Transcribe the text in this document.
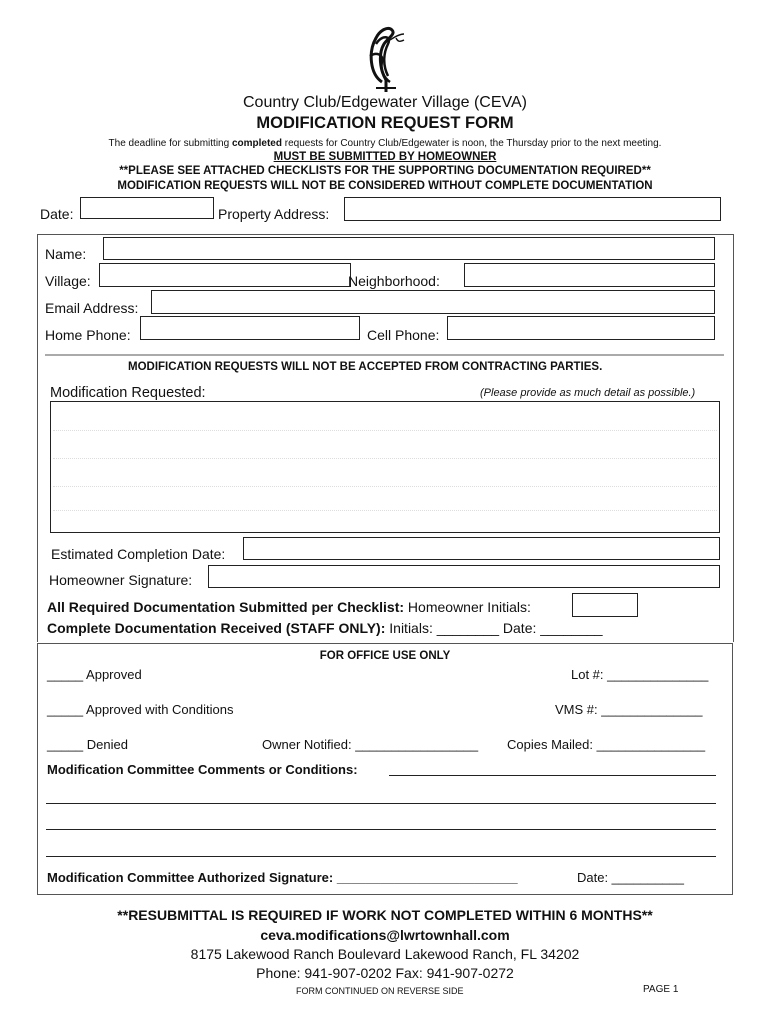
Country Club/Edgewater Village (CEVA)
MODIFICATION REQUEST FORM
The deadline for submitting completed requests for Country Club/Edgewater is noon, the Thursday prior to the next meeting.
MUST BE SUBMITTED BY HOMEOWNER
**PLEASE SEE ATTACHED CHECKLISTS FOR THE SUPPORTING DOCUMENTATION REQUIRED**
MODIFICATION REQUESTS WILL NOT BE CONSIDERED WITHOUT COMPLETE DOCUMENTATION
Date:	Property Address:
Name:
Village:	Neighborhood:
Email Address:
Home Phone:	Cell Phone:
MODIFICATION REQUESTS WILL NOT BE ACCEPTED FROM CONTRACTING PARTIES.
Modification Requested:	(Please provide as much detail as possible.)
Estimated Completion Date:
Homeowner Signature:
All Required Documentation Submitted per Checklist: Homeowner Initials:
Complete Documentation Received (STAFF ONLY): Initials: ________ Date: ________
FOR OFFICE USE ONLY
_____ Approved	Lot #: ______________
_____ Approved with Conditions	VMS #: ______________
_____ Denied	Owner Notified: _________________ Copies Mailed: _______________
Modification Committee Comments or Conditions:
Modification Committee Authorized Signature: _________________________	Date: __________
**RESUBMITTAL IS REQUIRED IF WORK NOT COMPLETED WITHIN 6 MONTHS**
ceva.modifications@lwrtownhall.com
8175 Lakewood Ranch Boulevard Lakewood Ranch, FL 34202
Phone: 941-907-0202 Fax: 941-907-0272
FORM CONTINUED ON REVERSE SIDE	PAGE 1
